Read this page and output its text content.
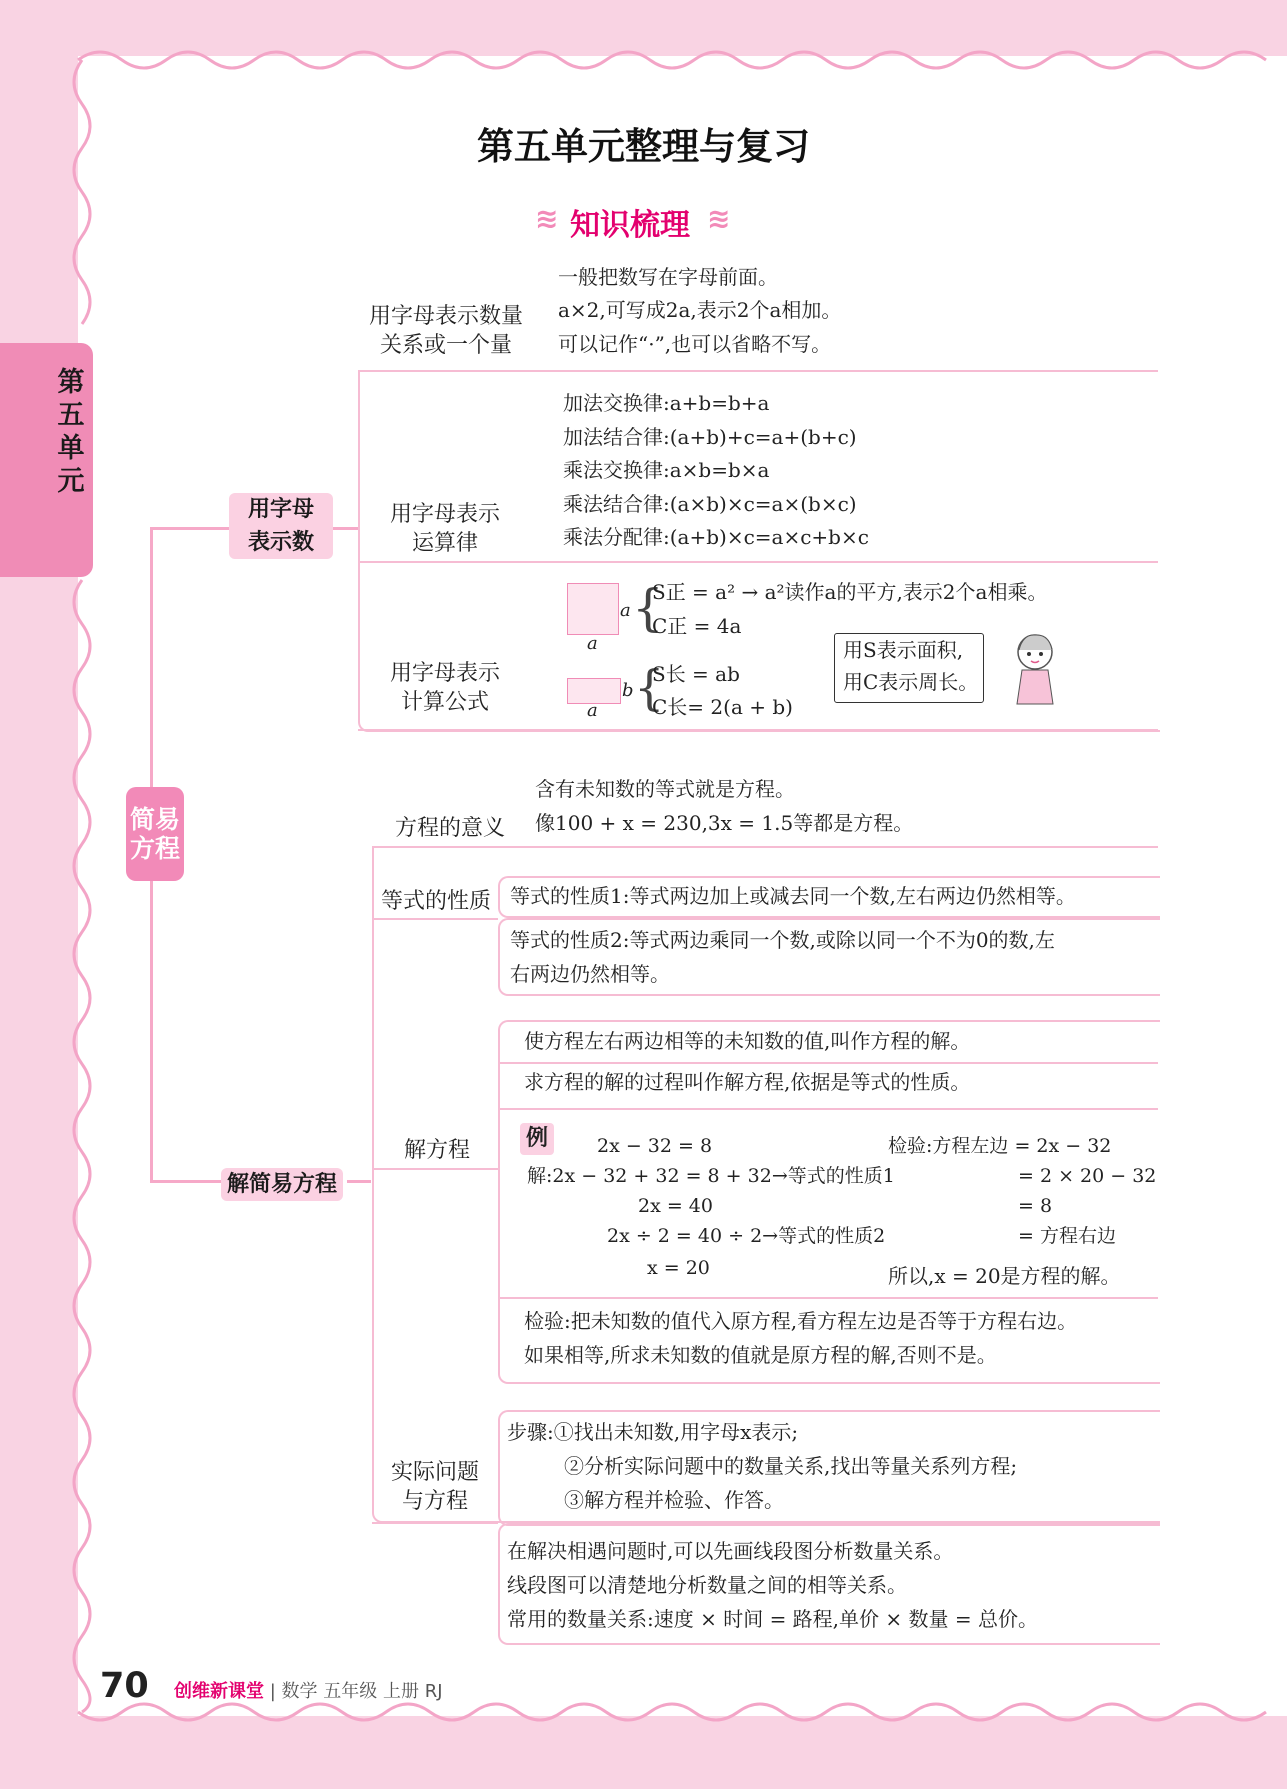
第五
单元
第五单元整理与复习
≋ 知识梳理 ≋
简易方程
用字母
表示数
解简易方程
用字母表示数量
关系或一个量
一般把数写在字母前面。
a×2,可写成2a,表示2个a相加。
可以记作“·”,也可以省略不写。
用字母表示
运算律
加法交换律:a+b=b+a
加法结合律:(a+b)+c=a+(b+c)
乘法交换律:a×b=b×a
乘法结合律:(a×b)×c=a×(b×c)
乘法分配律:(a+b)×c=a×c+b×c
用字母表示
计算公式
a
a
{
S正 = a² → a²读作a的平方,表示2个a相乘。
C正 = 4a
b
a {
S长 = ab
C长= 2(a + b)
用S表示面积,
用C表示周长。
方程的意义
含有未知数的等式就是方程。
像100 + x = 230,3x = 1.5等都是方程。
等式的性质 等式的性质1:等式两边加上或减去同一个数,左右两边仍然相等。
等式的性质2:等式两边乘同一个数,或除以同一个不为0的数,左
右两边仍然相等。
解方程
使方程左右两边相等的未知数的值,叫作方程的解。
求方程的解的过程叫作解方程,依据是等式的性质。
例	2x − 32 = 8
解:2x − 32 + 32 = 8 + 32→等式的性质1
2x = 40
2x ÷ 2 = 40 ÷ 2→等式的性质2
x = 20
检验:方程左边 = 2x − 32
= 2 × 20 − 32
= 8
= 方程右边
所以,x = 20是方程的解。
检验:把未知数的值代入原方程,看方程左边是否等于方程右边。
如果相等,所求未知数的值就是原方程的解,否则不是。
实际问题
与方程
步骤:①找出未知数,用字母x表示;
②分析实际问题中的数量关系,找出等量关系列方程;
③解方程并检验、作答。
在解决相遇问题时,可以先画线段图分析数量关系。
线段图可以清楚地分析数量之间的相等关系。
常用的数量关系:速度 × 时间 = 路程,单价 × 数量 = 总价。
70 创维新课堂 | 数学 五年级 上册 RJ
